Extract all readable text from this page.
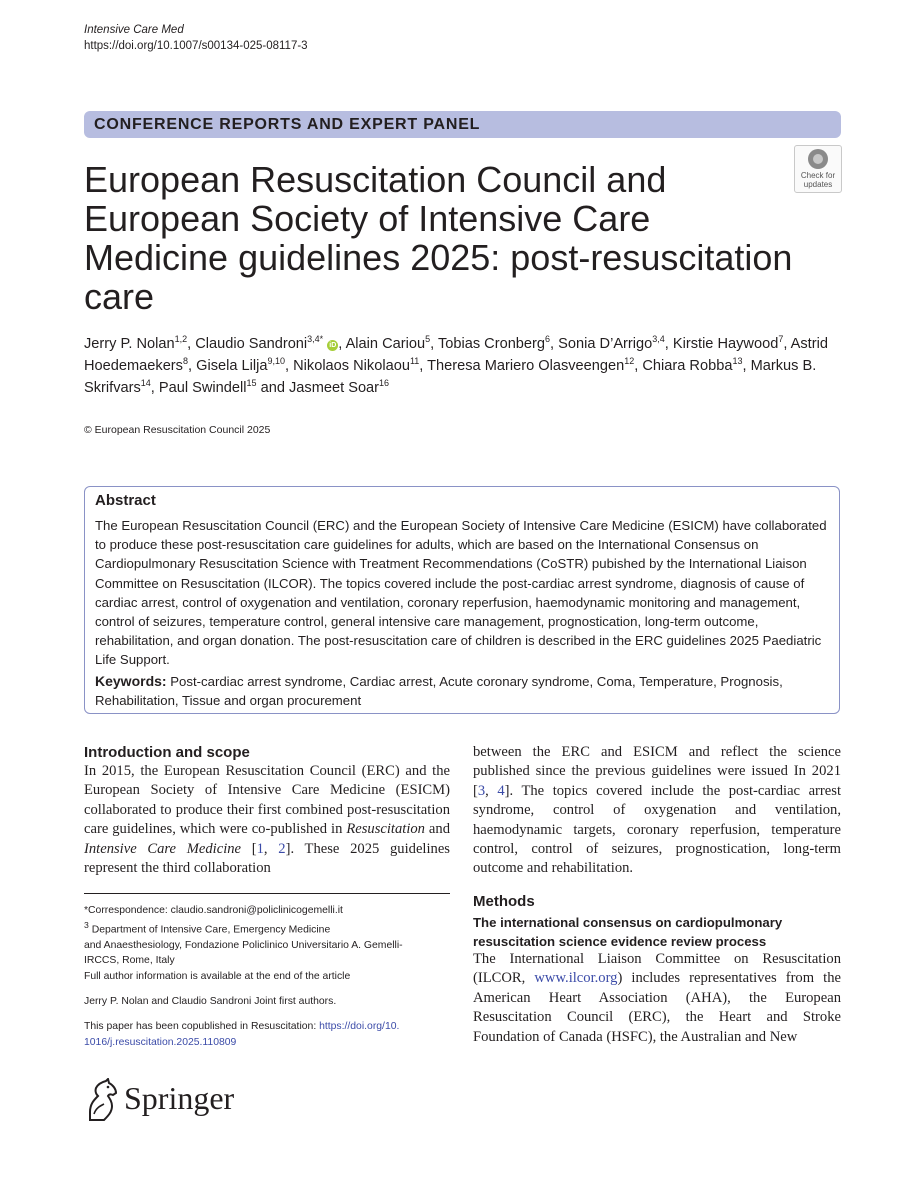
Intensive Care Med
https://doi.org/10.1007/s00134-025-08117-3
CONFERENCE REPORTS AND EXPERT PANEL
Check for
updates
European Resuscitation Council and European Society of Intensive Care Medicine guidelines 2025: post-resuscitation care

Jerry P. Nolan$^{1,2}$, Claudio Sandroni$^{3,4*}$ iD , Alain Cariou$^5$, Tobias Cronberg$^6$, Sonia D’Arrigo$^{3,4}$, Kirstie Haywood$^7$, Astrid Hoedemaekers$^8$, Gisela Lilja$^{9,10}$, Nikolaos Nikolaou$^{11}$, Theresa Mariero Olasveengen$^{12}$, Chiara Robba$^{13}$, Markus B. Skrifvars$^{14}$, Paul Swindell$^{15}$ and Jasmeet Soar$^{16}$

© European Resuscitation Council 2025
Abstract

The European Resuscitation Council (ERC) and the European Society of Intensive Care Medicine (ESICM) have collaborated to produce these post-resuscitation care guidelines for adults, which are based on the International Consensus on Cardiopulmonary Resuscitation Science with Treatment Recommendations (CoSTR) pubished by the International Liaison Committee on Resuscitation (ILCOR). The topics covered include the post-cardiac arrest syndrome, diagnosis of cause of cardiac arrest, control of oxygenation and ventilation, coronary reperfusion, haemodynamic monitoring and management, control of seizures, temperature control, general intensive care management, prognostication, long-term outcome, rehabilitation, and organ donation. The post-resuscitation care of children is described in the ERC guidelines 2025 Paediatric Life Support.

Keywords: Post-cardiac arrest syndrome, Cardiac arrest, Acute coronary syndrome, Coma, Temperature, Prognosis, Rehabilitation, Tissue and organ procurement

Introduction and scope

In 2015, the European Resuscitation Council (ERC) and the European Society of Intensive Care Medicine (ESICM) collaborated to produce their first combined post-resuscitation care guidelines, which were co-published in Resuscitation and Intensive Care Medicine [1, 2]. These 2025 guidelines represent the third collaboration

between the ERC and ESICM and reflect the science published since the previous guidelines were issued In 2021 [3, 4]. The topics covered include the post-cardiac arrest syndrome, control of oxygenation and ventilation, haemodynamic targets, coronary reperfusion, temperature control, control of seizures, prognostication, long-term outcome and rehabilitation.

*Correspondence: claudio.sandroni@policlinicogemelli.it

$^3$ Department of Intensive Care, Emergency Medicine

and Anaesthesiology, Fondazione Policlinico Universitario A. Gemelli-

IRCCS, Rome, Italy

Full author information is available at the end of the article

Jerry P. Nolan and Claudio Sandroni Joint first authors.

This paper has been copublished in Resuscitation: https://doi.org/10.
1016/j.resuscitation.2025.110809

Methods

The international consensus on cardiopulmonary resuscitation science evidence review process

The International Liaison Committee on Resuscitation (ILCOR, www.ilcor.org) includes representatives from the American Heart Association (AHA), the European Resuscitation Council (ERC), the Heart and Stroke Foundation of Canada (HSFC), the Australian and New

Springer
